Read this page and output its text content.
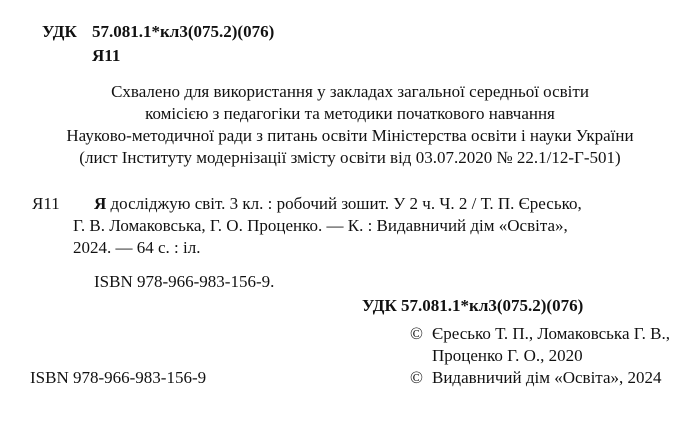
УДК 57.081.1*кл3(075.2)(076)
Я11
Схвалено для використання у закладах загальної середньої освіти
комісією з педагогіки та методики початкового навчання
Науково-методичної ради з питань освіти Міністерства освіти і науки України
(лист Інституту модернізації змісту освіти від 03.07.2020 № 22.1/12-Г-501)
Я11 Я досліджую світ. 3 кл. : робочий зошит. У 2 ч. Ч. 2 / Т. П. Єресько,
Г. В. Ломаковська, Г. О. Проценко. — К. : Видавничий дім «Освіта»,
2024. — 64 с. : іл.
ISBN 978-966-983-156-9.
УДК 57.081.1*кл3(075.2)(076)
© Єресько Т. П., Ломаковська Г. В.,
Проценко Г. О., 2020
ISBN 978-966-983-156-9	© Видавничий дім «Освіта», 2024
